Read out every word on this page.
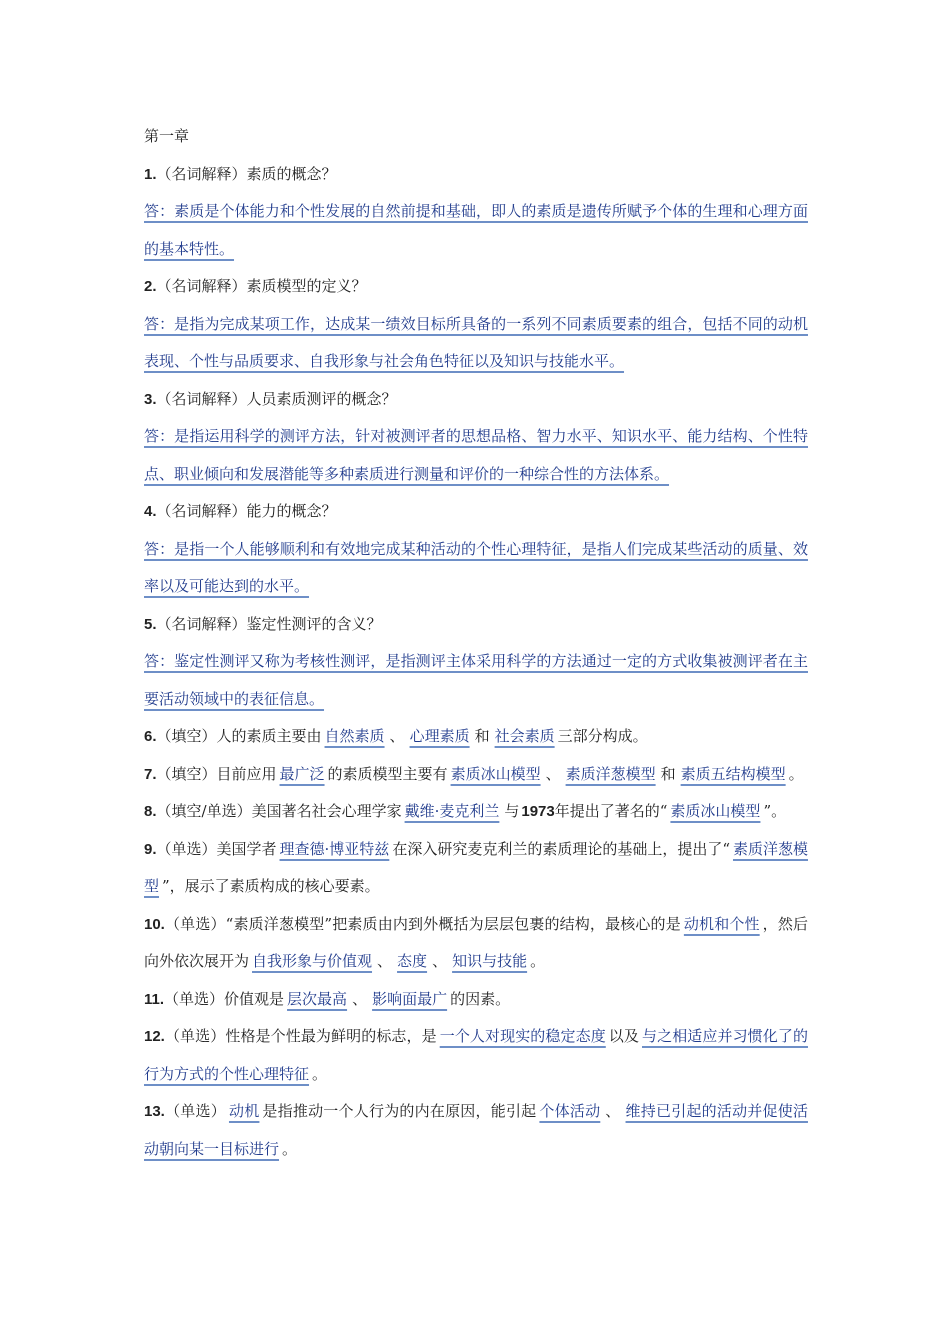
第一章

1.（名词解释）素质的概念？

答：素质是个体能力和个性发展的自然前提和基础，即人的素质是遗传所赋予个体的生理和心理方面的基本特性。

2.（名词解释）素质模型的定义？

答：是指为完成某项工作，达成某一绩效目标所具备的一系列不同素质要素的组合，包括不同的动机表现、个性与品质要求、自我形象与社会角色特征以及知识与技能水平。

3.（名词解释）人员素质测评的概念？

答：是指运用科学的测评方法，针对被测评者的思想品格、智力水平、知识水平、能力结构、个性特点、职业倾向和发展潜能等多种素质进行测量和评价的一种综合性的方法体系。

4.（名词解释）能力的概念？

答：是指一个人能够顺利和有效地完成某种活动的个性心理特征，是指人们完成某些活动的质量、效率以及可能达到的水平。

5.（名词解释）鉴定性测评的含义？

答：鉴定性测评又称为考核性测评，是指测评主体采用科学的方法通过一定的方式收集被测评者在主要活动领域中的表征信息。

6.（填空）人的素质主要由 自然素质 、 心理素质 和 社会素质 三部分构成。

7.（填空）目前应用 最广泛 的素质模型主要有 素质冰山模型 、 素质洋葱模型 和 素质五结构模型 。

8.（填空/单选）美国著名社会心理学家 戴维·麦克利兰 与 1973年提出了著名的“ 素质冰山模型 ”。

9.（单选）美国学者 理查德·博亚特兹 在深入研究麦克利兰的素质理论的基础上，提出了“ 素质洋葱模型 ”，展示了素质构成的核心要素。

10.（单选）“素质洋葱模型”把素质由内到外概括为层层包裹的结构，最核心的是 动机和个性 ，然后向外依次展开为 自我形象与价值观 、 态度 、 知识与技能 。

11.（单选）价值观是 层次最高 、 影响面最广 的因素。

12.（单选）性格是个性最为鲜明的标志，是 一个人对现实的稳定态度 以及 与之相适应并习惯化了的行为方式的个性心理特征 。

13.（单选） 动机 是指推动一个人行为的内在原因，能引起 个体活动 、 维持已引起的活动并促使活动朝向某一目标进行 。
